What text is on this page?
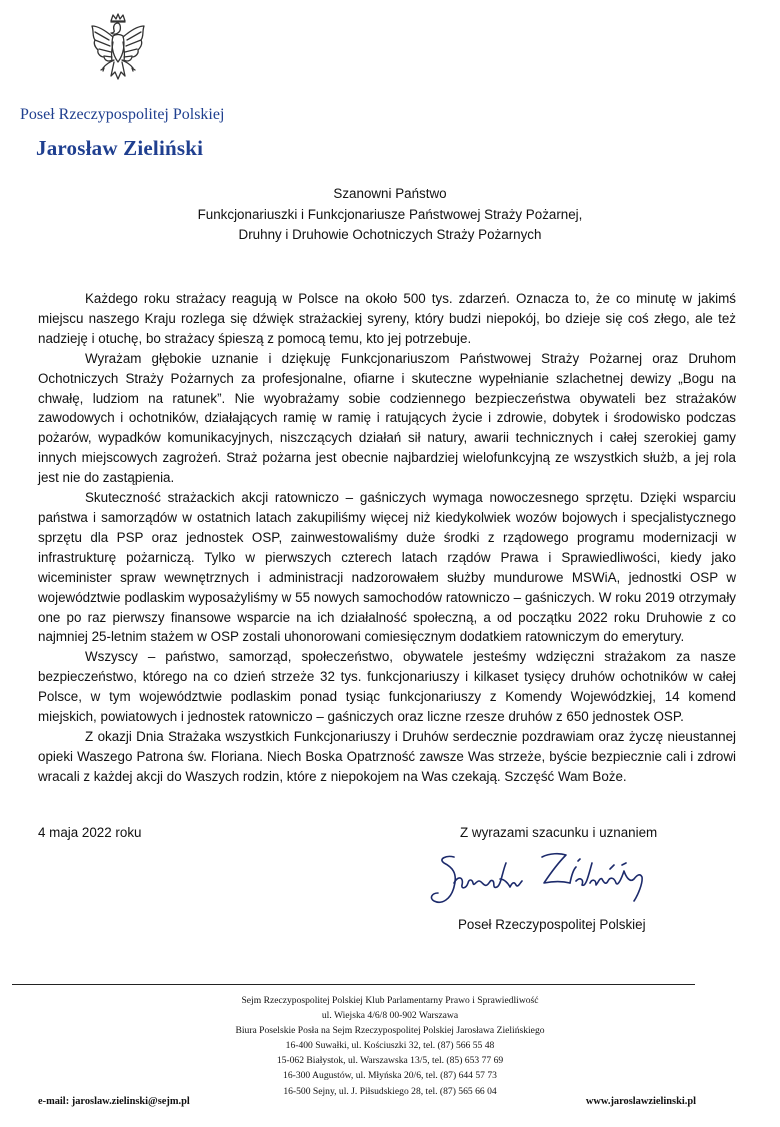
Poseł Rzeczypospolitej Polskiej
Jarosław Zieliński
Szanowni Państwo
Funkcjonariuszki i Funkcjonariusze Państwowej Straży Pożarnej,
Druhny i Druhowie Ochotniczych Straży Pożarnych

Każdego roku strażacy reagują w Polsce na około 500 tys. zdarzeń. Oznacza to, że co minutę w jakimś miejscu naszego Kraju rozlega się dźwięk strażackiej syreny, który budzi niepokój, bo dzieje się coś złego, ale też nadzieję i otuchę, bo strażacy śpieszą z pomocą temu, kto jej potrzebuje.

Wyrażam głębokie uznanie i dziękuję Funkcjonariuszom Państwowej Straży Pożarnej oraz Druhom Ochotniczych Straży Pożarnych za profesjonalne, ofiarne i skuteczne wypełnianie szlachetnej dewizy „Bogu na chwałę, ludziom na ratunek”. Nie wyobrażamy sobie codziennego bezpieczeństwa obywateli bez strażaków zawodowych i ochotników, działających ramię w ramię i ratujących życie i zdrowie, dobytek i środowisko podczas pożarów, wypadków komunikacyjnych, niszczących działań sił natury, awarii technicznych i całej szerokiej gamy innych miejscowych zagrożeń. Straż pożarna jest obecnie najbardziej wielofunkcyjną ze wszystkich służb, a jej rola jest nie do zastąpienia.

Skuteczność strażackich akcji ratowniczo – gaśniczych wymaga nowoczesnego sprzętu. Dzięki wsparciu państwa i samorządów w ostatnich latach zakupiliśmy więcej niż kiedykolwiek wozów bojowych i specjalistycznego sprzętu dla PSP oraz jednostek OSP, zainwestowaliśmy duże środki z rządowego programu modernizacji w infrastrukturę pożarniczą. Tylko w pierwszych czterech latach rządów Prawa i Sprawiedliwości, kiedy jako wiceminister spraw wewnętrznych i administracji nadzorowałem służby mundurowe MSWiA, jednostki OSP w województwie podlaskim wyposażyliśmy w 55 nowych samochodów ratowniczo – gaśniczych. W roku 2019 otrzymały one po raz pierwszy finansowe wsparcie na ich działalność społeczną, a od początku 2022 roku Druhowie z co najmniej 25-letnim stażem w OSP zostali uhonorowani comiesięcznym dodatkiem ratowniczym do emerytury.

Wszyscy – państwo, samorząd, społeczeństwo, obywatele jesteśmy wdzięczni strażakom za nasze bezpieczeństwo, którego na co dzień strzeże 32 tys. funkcjonariuszy i kilkaset tysięcy druhów ochotników w całej Polsce, w tym województwie podlaskim ponad tysiąc funkcjonariuszy z Komendy Wojewódzkiej, 14 komend miejskich, powiatowych i jednostek ratowniczo – gaśniczych oraz liczne rzesze druhów z 650 jednostek OSP.

Z okazji Dnia Strażaka wszystkich Funkcjonariuszy i Druhów serdecznie pozdrawiam oraz życzę nieustannej opieki Waszego Patrona św. Floriana. Niech Boska Opatrzność zawsze Was strzeże, byście bezpiecznie cali i zdrowi wracali z każdej akcji do Waszych rodzin, które z niepokojem na Was czekają. Szczęść Wam Boże.

4 maja 2022 roku	Z wyrazami szacunku i uznaniem
Poseł Rzeczypospolitej Polskiej
Sejm Rzeczypospolitej Polskiej Klub Parlamentarny Prawo i Sprawiedliwość
ul. Wiejska 4/6/8 00-902 Warszawa
Biura Poselskie Posła na Sejm Rzeczypospolitej Polskiej Jarosława Zielińskiego
16-400 Suwałki, ul. Kościuszki 32, tel. (87) 566 55 48
15-062 Białystok, ul. Warszawska 13/5, tel. (85) 653 77 69
16-300 Augustów, ul. Młyńska 20/6, tel. (87) 644 57 73
16-500 Sejny, ul. J. Piłsudskiego 28, tel. (87) 565 66 04
e-mail: jaroslaw.zielinski@sejm.pl	www.jaroslawzielinski.pl
